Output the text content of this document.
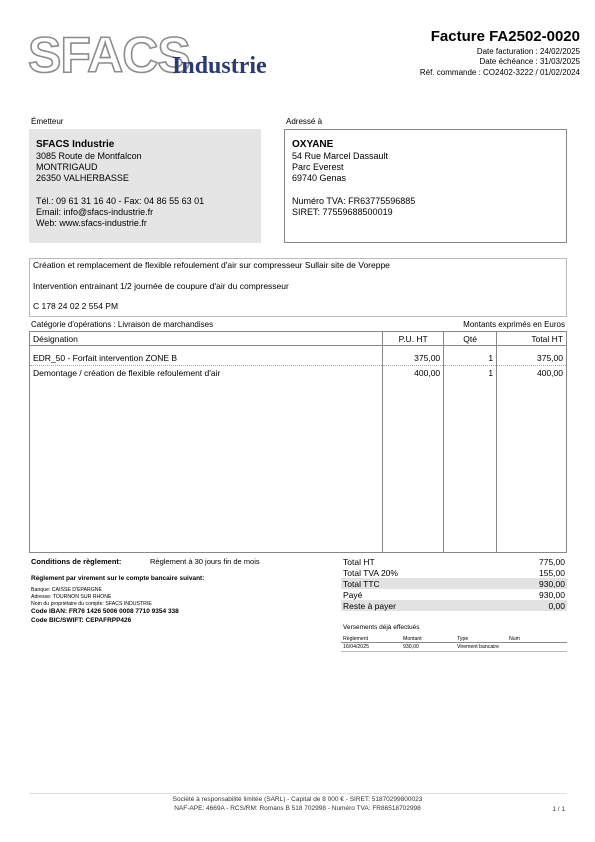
SFACS
Industrie
Facture FA2502-0020
Date facturation : 24/02/2025
Date échéance : 31/03/2025
Réf. commande : CO2402-3222 / 01/02/2024
Émetteur	Adressé à
SFACS Industrie
3085 Route de Montfalcon
MONTRIGAUD
26350 VALHERBASSE
Tél.: 09 61 31 16 40 - Fax: 04 86 55 63 01
Email: info@sfacs-industrie.fr
Web: www.sfacs-industrie.fr
OXYANE
54 Rue Marcel Dassault
Parc Everest
69740 Genas
Numéro TVA: FR63775596885
SIRET: 77559688500019
Création et remplacement de flexible refoulement d'air sur compresseur Sullair site de Voreppe
Intervention entrainant 1/2 journée de coupure d'air du compresseur
C 178 24 02 2 554 PM
Catégorie d'opérations : Livraison de marchandises	Montants exprimés en Euros
Désignation	P.U. HT	Qté	Total HT
EDR_50 - Forfait intervention ZONE B	375,00	1	375,00
Demontage / création de flexible refoulement d'air	400,00	1	400,00

Conditions de règlement:	Règlement à 30 jours fin de mois
Règlement par virement sur le compte bancaire suivant:
Banque: CAISSE D'EPARGNE
Adresse: TOURNON SUR RHONE
Nom du propriétaire du compte: SFACS INDUSTRIE
Code IBAN: FR76 1426 5006 0008 7710 9354 338
Code BIC/SWIFT: CEPAFRPP426
Total HT	775,00
Total TVA 20%	155,00
Total TTC	930,00
Payé	930,00
Reste à payer	0,00
Versements déjà effectués
Règlement	Montant	Type	Num
16/04/2025	930,00	Virement bancaire	
Société à responsabilité limitée (SARL) - Capital de 8 000 € - SIRET: 51870299800023
NAF-APE: 4669A - RCS/RM: Romans B 518 702998 - Numéro TVA: FR86518702998	1 / 1
